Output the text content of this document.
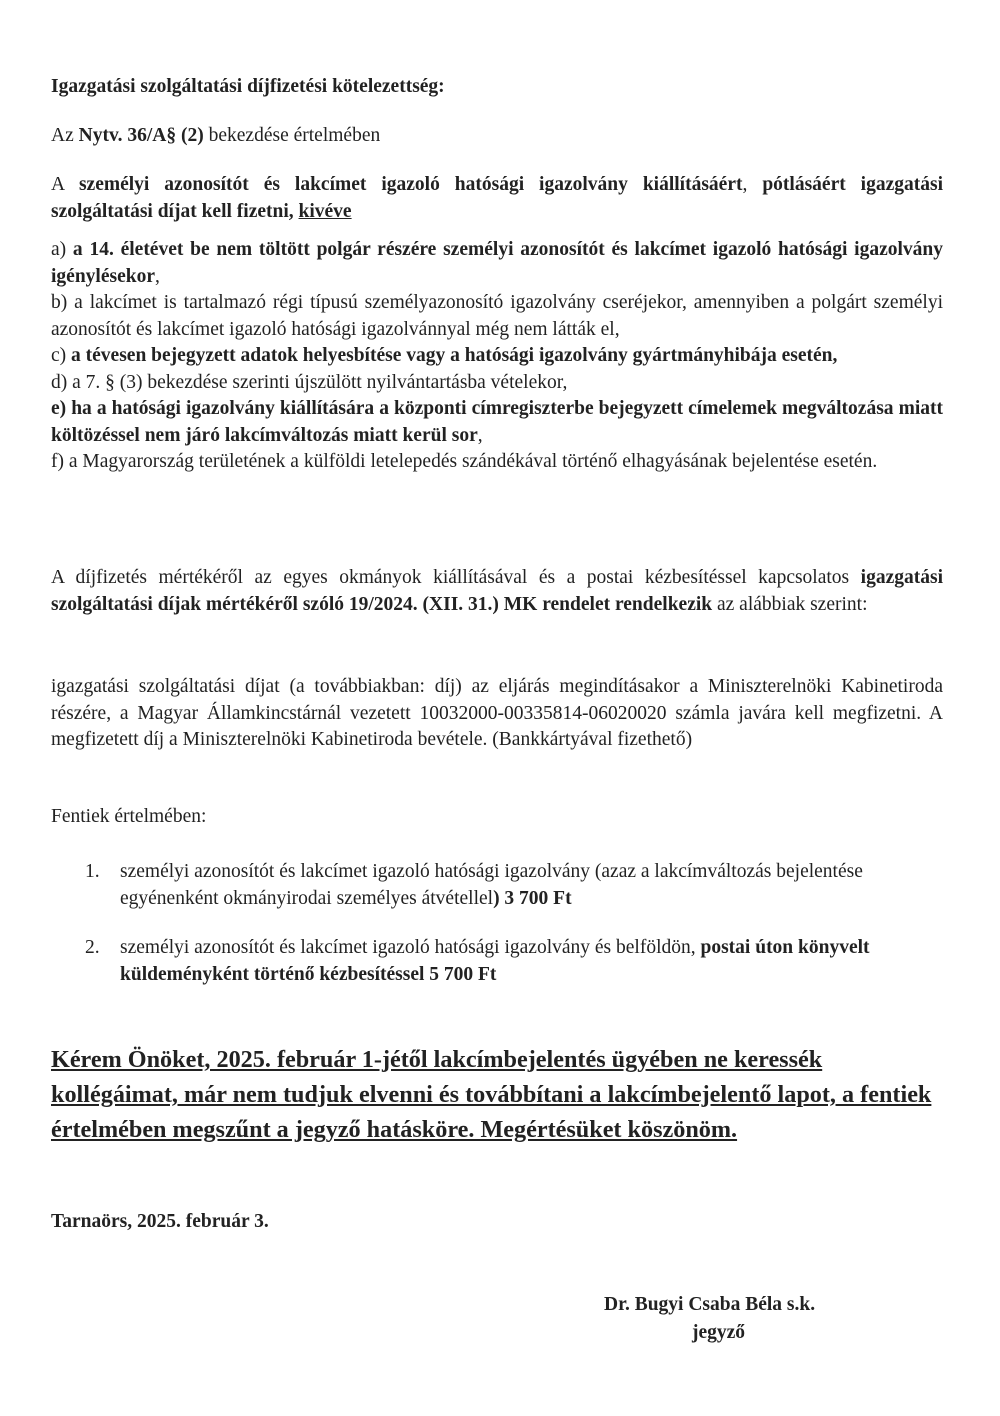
Igazgatási szolgáltatási díjfizetési kötelezettség:
Az Nytv. 36/A§ (2) bekezdése értelmében
A személyi azonosítót és lakcímet igazoló hatósági igazolvány kiállításáért, pótlásáért igazgatási szolgáltatási díjat kell fizetni, kivéve
a) a 14. életévet be nem töltött polgár részére személyi azonosítót és lakcímet igazoló hatósági igazolvány igénylésekor,
b) a lakcímet is tartalmazó régi típusú személyazonosító igazolvány cseréjekor, amennyiben a polgárt személyi azonosítót és lakcímet igazoló hatósági igazolvánnyal még nem látták el,
c) a tévesen bejegyzett adatok helyesbítése vagy a hatósági igazolvány gyártmányhibája esetén,
d) a 7. § (3) bekezdése szerinti újszülött nyilvántartásba vételekor,
e) ha a hatósági igazolvány kiállítására a központi címregiszterbe bejegyzett címelemek megváltozása miatt költözéssel nem járó lakcímváltozás miatt kerül sor,
f) a Magyarország területének a külföldi letelepedés szándékával történő elhagyásának bejelentése esetén.
A díjfizetés mértékéről az egyes okmányok kiállításával és a postai kézbesítéssel kapcsolatos igazgatási szolgáltatási díjak mértékéről szóló 19/2024. (XII. 31.) MK rendelet rendelkezik az alábbiak szerint:
igazgatási szolgáltatási díjat (a továbbiakban: díj) az eljárás megindításakor a Miniszterelnöki Kabinetiroda részére, a Magyar Államkincstárnál vezetett 10032000-00335814-06020020 számla javára kell megfizetni. A megfizetett díj a Miniszterelnöki Kabinetiroda bevétele. (Bankkártyával fizethető)
Fentiek értelmében:
1. személyi azonosítót és lakcímet igazoló hatósági igazolvány (azaz a lakcímváltozás bejelentése egyénenként okmányirodai személyes átvétellel) 3 700 Ft
2. személyi azonosítót és lakcímet igazoló hatósági igazolvány és belföldön, postai úton könyvelt küldeményként történő kézbesítéssel 5 700 Ft
Kérem Önöket, 2025. február 1-jétől lakcímbejelentés ügyében ne keressék kollégáimat, már nem tudjuk elvenni és továbbítani a lakcímbejelentő lapot, a fentiek értelmében megszűnt a jegyző hatásköre. Megértésüket köszönöm.
Tarnaörs, 2025. február 3.
Dr. Bugyi Csaba Béla s.k.
jegyző
